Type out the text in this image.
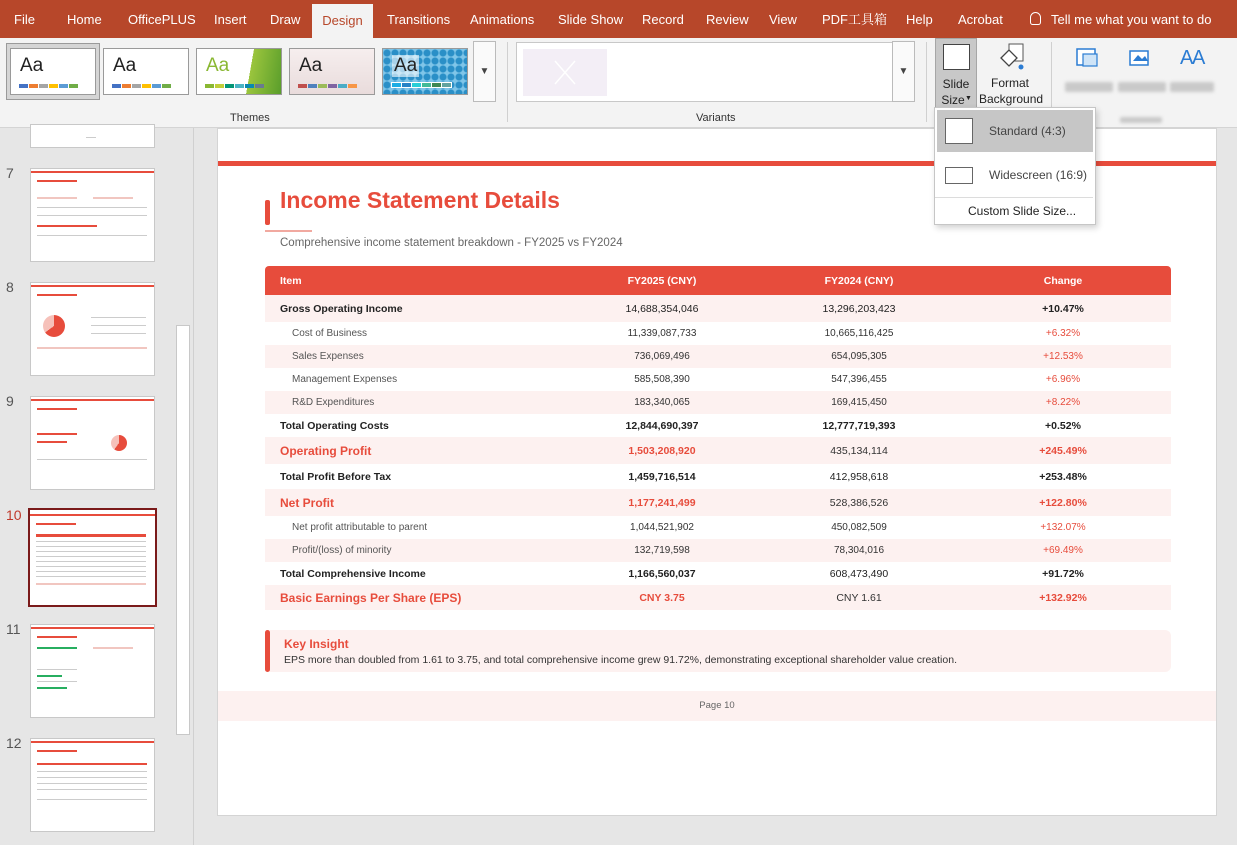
File Home OfficePLUS Insert Draw	Design	Transitions Animations Slide Show Record Review View PDF工具箱 Help Acrobat	Tell me what you want to do
Aa	Aa	Aa	Aa	Aa	▼
Themes
▼
Variants
Slide
Size ▼
Format
Background
A
A
Standard (4:3)
Widescreen (16:9)
Custom Slide Size...
7
8
9
10
11
12
Income Statement Details
Comprehensive income statement breakdown - FY2025 vs FY2024
Item	FY2025 (CNY)	FY2024 (CNY)	Change
Gross Operating Income	14,688,354,046	13,296,203,423	+10.47%
Cost of Business	11,339,087,733	10,665,116,425	+6.32%
Sales Expenses	736,069,496	654,095,305	+12.53%
Management Expenses	585,508,390	547,396,455	+6.96%
R&D Expenditures	183,340,065	169,415,450	+8.22%
Total Operating Costs	12,844,690,397	12,777,719,393	+0.52%
Operating Profit	1,503,208,920	435,134,114	+245.49%
Total Profit Before Tax	1,459,716,514	412,958,618	+253.48%
Net Profit	1,177,241,499	528,386,526	+122.80%
Net profit attributable to parent	1,044,521,902	450,082,509	+132.07%
Profit/(loss) of minority	132,719,598	78,304,016	+69.49%
Total Comprehensive Income	1,166,560,037	608,473,490	+91.72%
Basic Earnings Per Share (EPS)	CNY 3.75	CNY 1.61	+132.92%
Key Insight
EPS more than doubled from 1.61 to 3.75, and total comprehensive income grew 91.72%, demonstrating exceptional shareholder value creation.
Page 10
